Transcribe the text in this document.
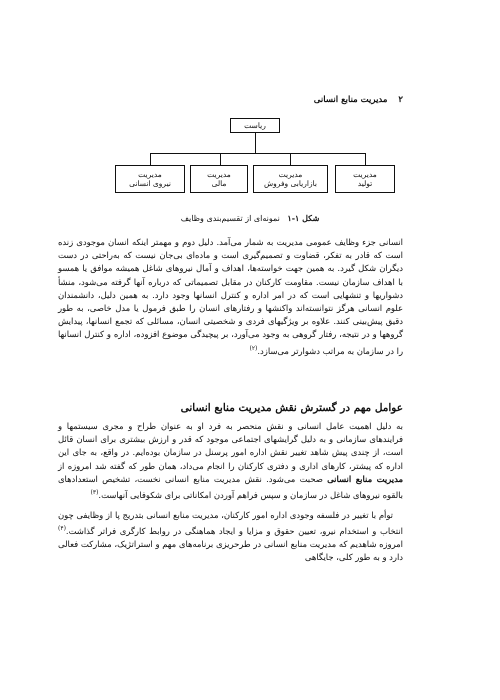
۲ مدیریت منابع انسانی
ریاست
مدیریت
تولید
مدیریت
بازاریابی وفروش
مدیریت
مالی
مدیریت
نیروی انسانی
شکل ۱-۱ نمونه‌ای از تقسیم‌بندی وظایف

انسانی جزء وظایف عمومی مدیریت به شمار می‌آمد. دلیل دوم و مهمتر اینکه انسان موجودی زنده است که قادر به تفکر، قضاوت و تصمیم‌گیری است و ماده‌ای بی‌جان نیست که به‌راحتی در دست دیگران شکل گیرد. به همین جهت خواسته‌ها، اهداف و آمال نیروهای شاغل همیشه موافق یا همسو با اهداف سازمان نیست. مقاومت کارکنان در مقابل تصمیماتی که درباره آنها گرفته می‌شود، منشأ دشواریها و تنشهایی است که در امر اداره و کنترل انسانها وجود دارد. به همین دلیل، دانشمندان علوم انسانی هرگز نتوانسته‌اند واکنشها و رفتارهای انسان را طبق فرمول یا مدل خاصی، به طور دقیق پیش‌بینی کنند. علاوه بر ویژگیهای فردی و شخصیتی انسان، مسائلی که تجمع انسانها، پیدایش گروهها و در نتیجه، رفتار گروهی به وجود می‌آورد، بر پیچیدگی موضوع افزوده، اداره و کنترل انسانها را در سازمان به مراتب دشوارتر می‌سازد.$^{(۲)}$

عوامل مهم در گسترش نقش مدیریت منابع انسانی

به دلیل اهمیت عامل انسانی و نقش منحصر به فرد او به عنوان طراح و مجری سیستمها و فرایندهای سازمانی و به دلیل گرایشهای اجتماعی موجود که قدر و ارزش بیشتری برای انسان قائل است، از چندی پیش شاهد تغییر نقش اداره امور پرسنل در سازمان بوده‌ایم. در واقع، به جای این اداره که پیشتر، کارهای اداری و دفتری کارکنان را انجام می‌داد، همان طور که گفته شد امروزه از مدیریت منابع انسانی صحبت می‌شود. نقش مدیریت منابع انسانی نخست، تشخیص استعدادهای بالقوه نیروهای شاغل در سازمان و سپس فراهم آوردن امکاناتی برای شکوفایی آنهاست.$^{(۳)}$

توأم با تغییر در فلسفه وجودی اداره امور کارکنان، مدیریت منابع انسانی بتدریج پا از وظایفی چون انتخاب و استخدام نیرو، تعیین حقوق و مزایا و ایجاد هماهنگی در روابط کارگری فراتر گذاشت.$^{(۴)}$ امروزه شاهدیم که مدیریت منابع انسانی در طرحریزی برنامه‌های مهم و استراتژیک، مشارکت فعالی دارد و به طور کلی، جایگاهی
